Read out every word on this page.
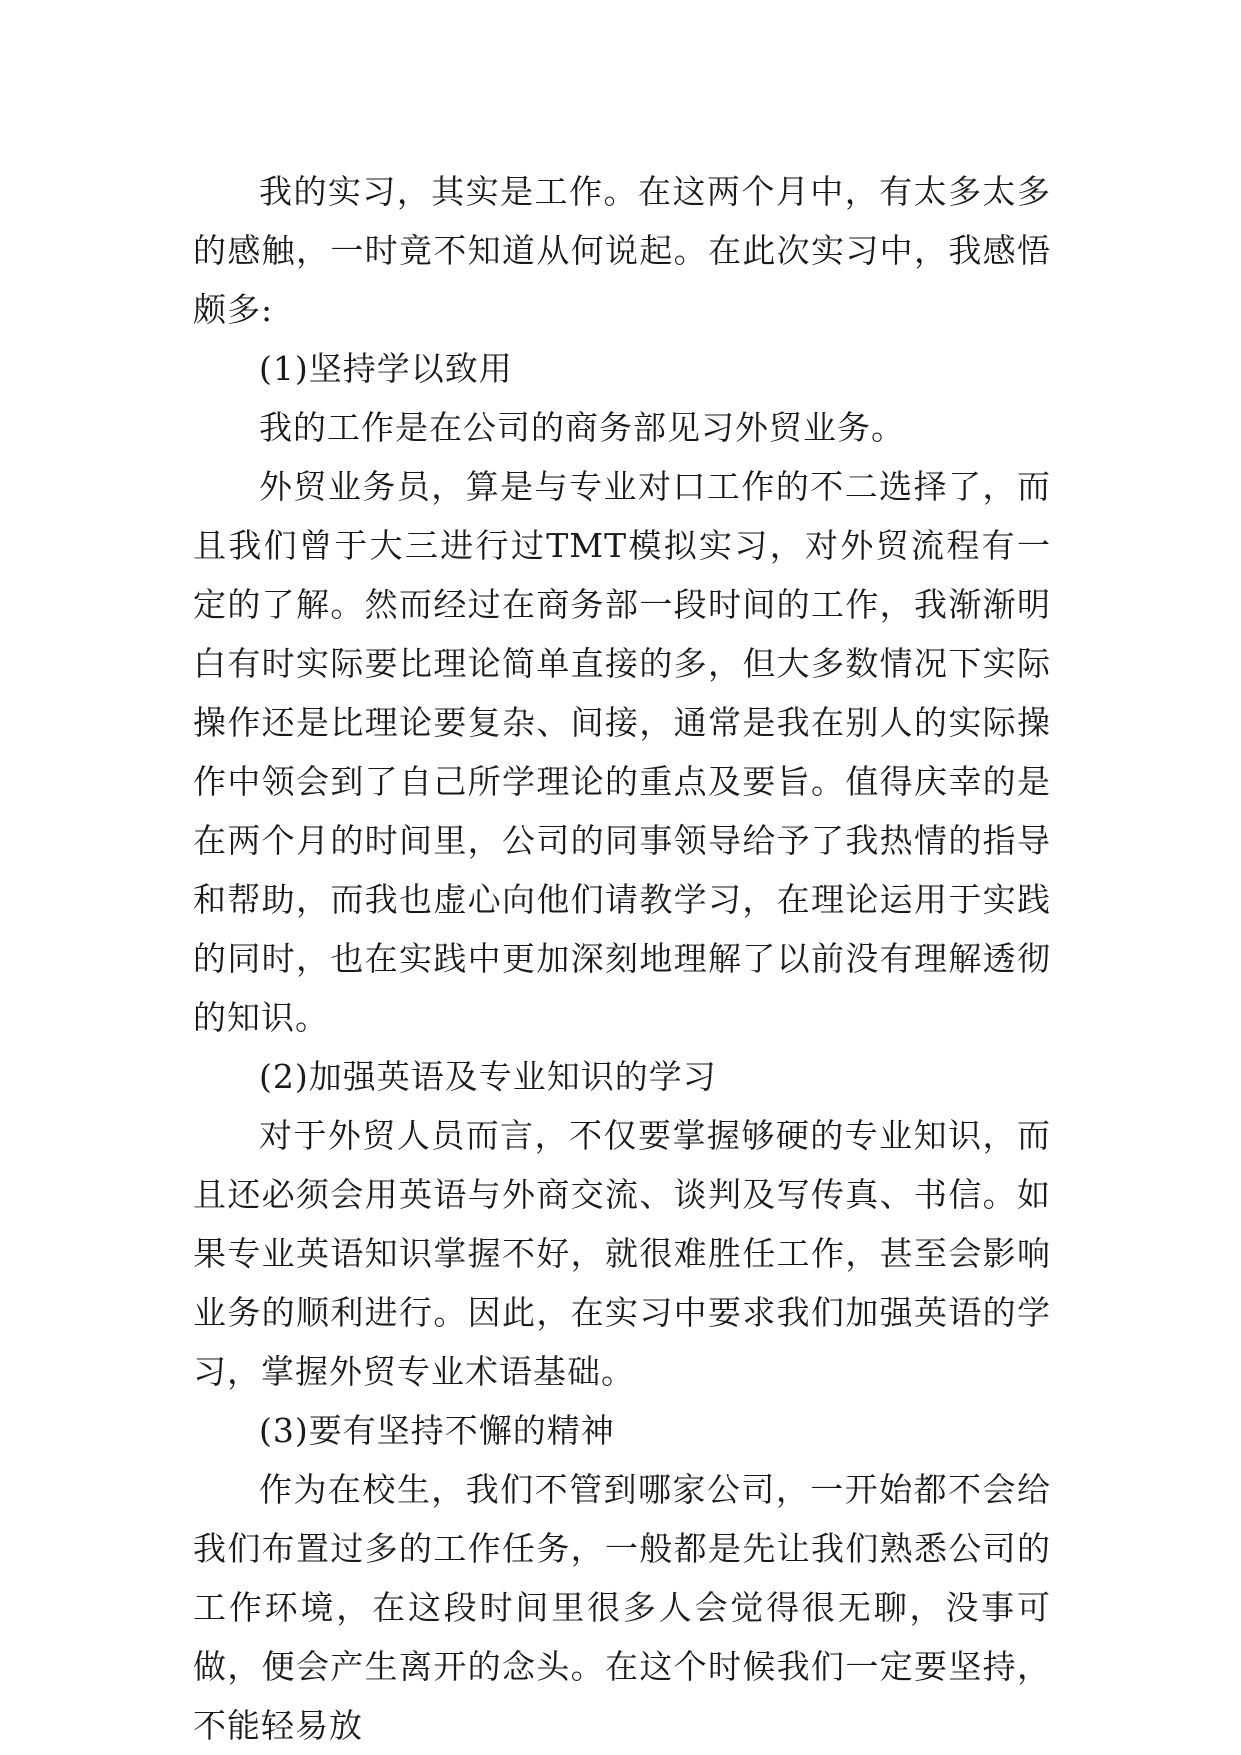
我的实习，其实是工作。在这两个月中，有太多太多的感触，一时竟不知道从何说起。在此次实习中，我感悟颇多:

(1)坚持学以致用

我的工作是在公司的商务部见习外贸业务。

外贸业务员，算是与专业对口工作的不二选择了，而且我们曾于大三进行过TMT模拟实习，对外贸流程有一定的了解。然而经过在商务部一段时间的工作，我渐渐明白有时实际要比理论简单直接的多，但大多数情况下实际操作还是比理论要复杂、间接，通常是我在别人的实际操作中领会到了自己所学理论的重点及要旨。值得庆幸的是在两个月的时间里，公司的同事领导给予了我热情的指导和帮助，而我也虚心向他们请教学习，在理论运用于实践的同时，也在实践中更加深刻地理解了以前没有理解透彻的知识。

(2)加强英语及专业知识的学习

对于外贸人员而言，不仅要掌握够硬的专业知识，而且还必须会用英语与外商交流、谈判及写传真、书信。如果专业英语知识掌握不好，就很难胜任工作，甚至会影响业务的顺利进行。因此，在实习中要求我们加强英语的学习，掌握外贸专业术语基础。

(3)要有坚持不懈的精神

作为在校生，我们不管到哪家公司，一开始都不会给我们布置过多的工作任务，一般都是先让我们熟悉公司的工作环境，在这段时间里很多人会觉得很无聊，没事可做，便会产生离开的念头。在这个时候我们一定要坚持，不能轻易放
